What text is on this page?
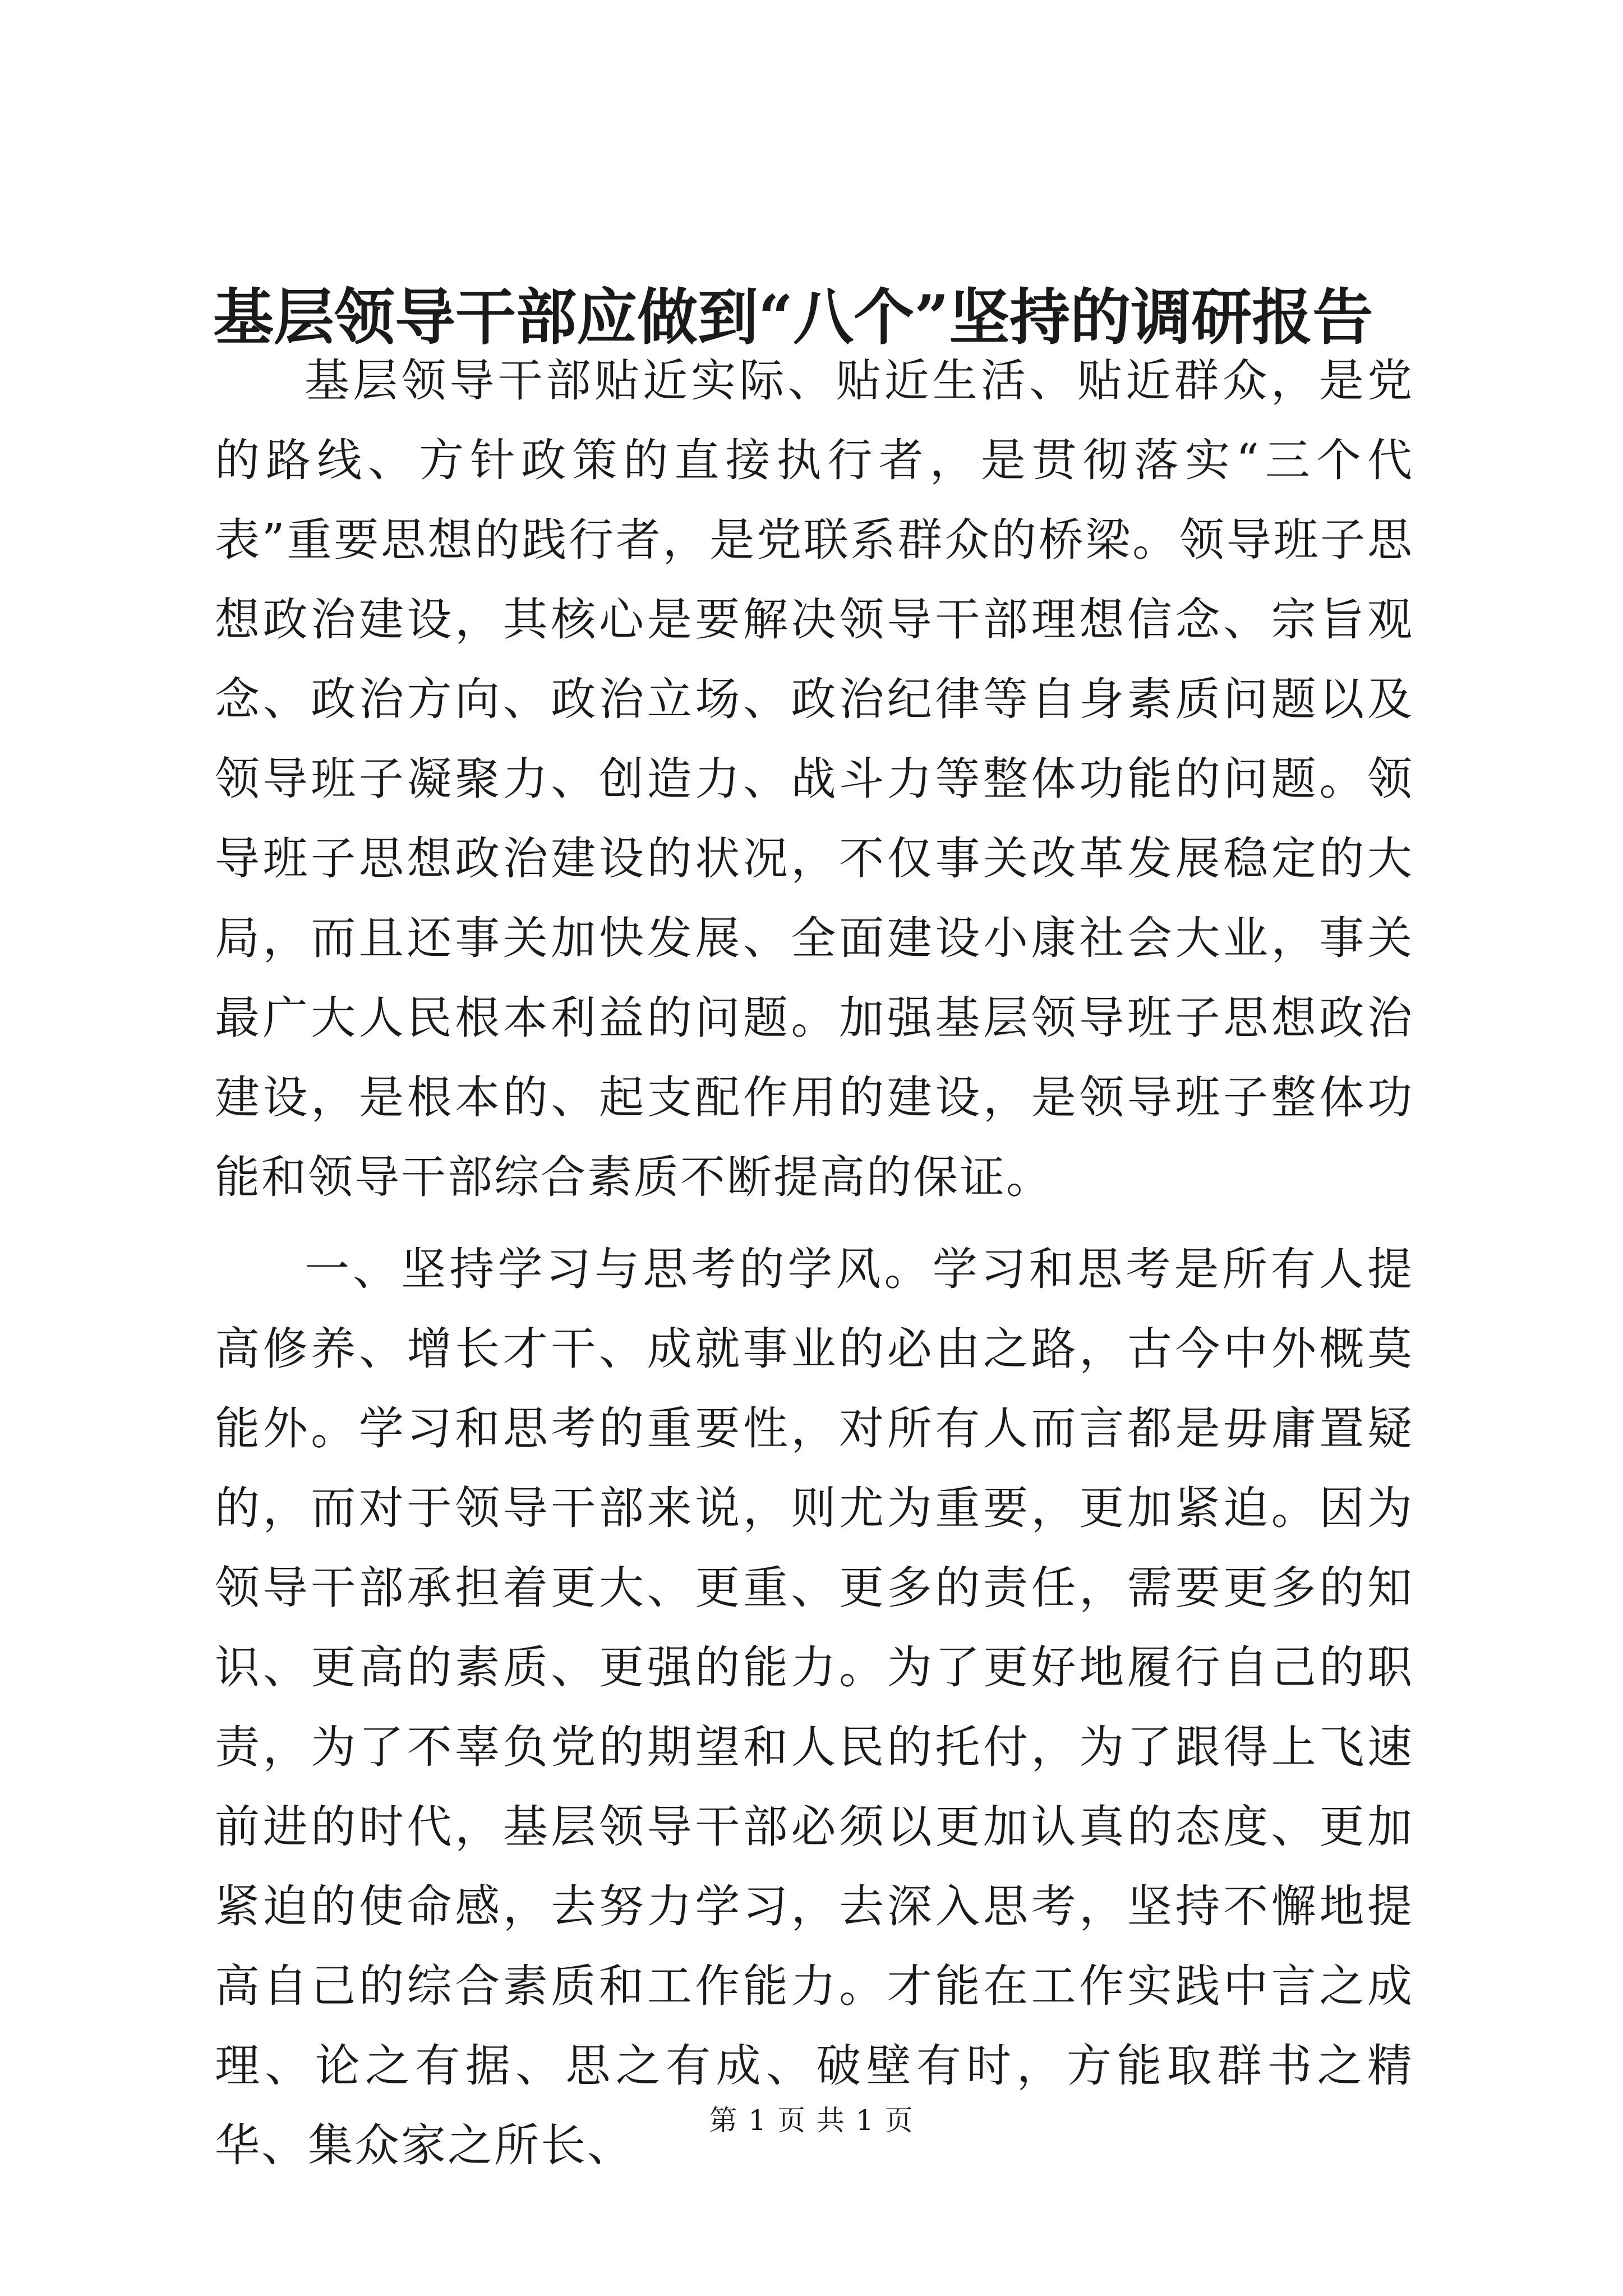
基层领导干部应做到“八个”坚持的调研报告

基层领导干部贴近实际、贴近生活、贴近群众，是党的路线、方针政策的直接执行者，是贯彻落实“三个代表”重要思想的践行者，是党联系群众的桥梁。领导班子思想政治建设，其核心是要解决领导干部理想信念、宗旨观念、政治方向、政治立场、政治纪律等自身素质问题以及领导班子凝聚力、创造力、战斗力等整体功能的问题。领导班子思想政治建设的状况，不仅事关改革发展稳定的大局，而且还事关加快发展、全面建设小康社会大业，事关最广大人民根本利益的问题。加强基层领导班子思想政治建设，是根本的、起支配作用的建设，是领导班子整体功能和领导干部综合素质不断提高的保证。

一、坚持学习与思考的学风。学习和思考是所有人提高修养、增长才干、成就事业的必由之路，古今中外概莫能外。学习和思考的重要性，对所有人而言都是毋庸置疑的，而对于领导干部来说，则尤为重要，更加紧迫。因为领导干部承担着更大、更重、更多的责任，需要更多的知识、更高的素质、更强的能力。为了更好地履行自己的职责，为了不辜负党的期望和人民的托付，为了跟得上飞速前进的时代，基层领导干部必须以更加认真的态度、更加紧迫的使命感，去努力学习，去深入思考，坚持不懈地提高自己的综合素质和工作能力。才能在工作实践中言之成理、论之有据、思之有成、破壁有时，方能取群书之精华、集众家之所长、	第 1 页 共 1 页
